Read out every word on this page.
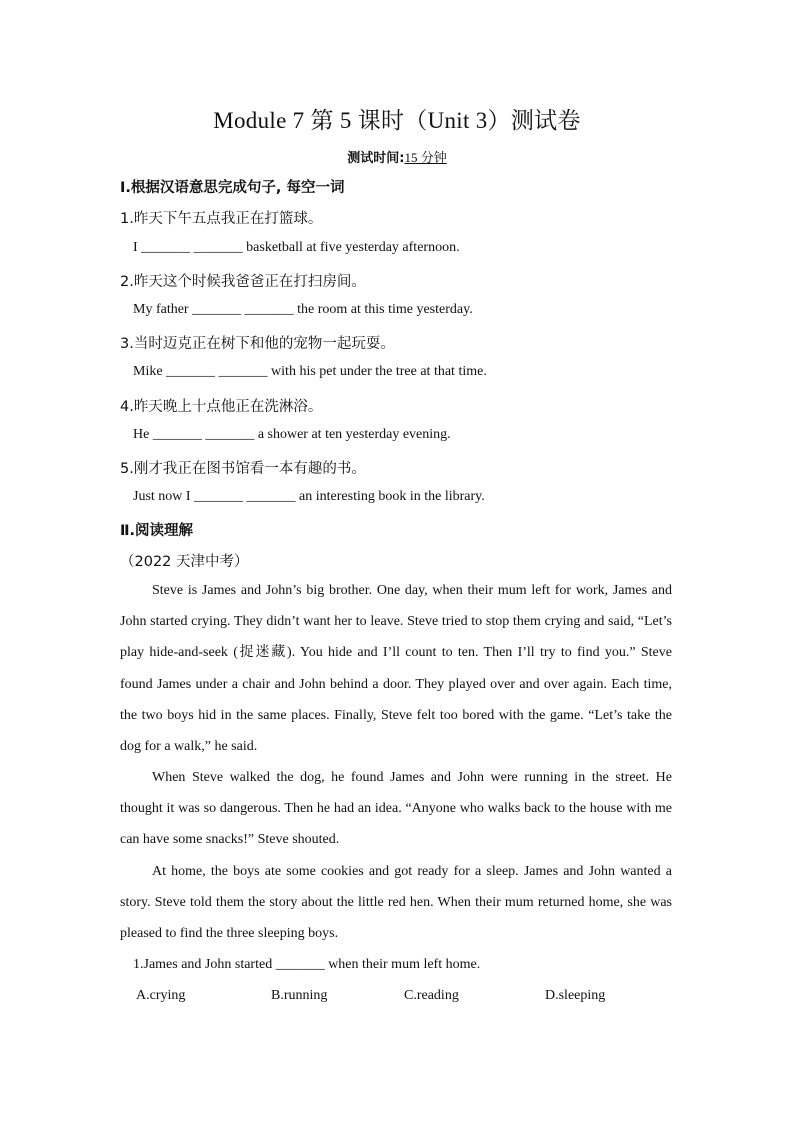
Module 7 第 5 课时（Unit 3）测试卷
测试时间:15 分钟
Ⅰ.根据汉语意思完成句子, 每空一词
1.昨天下午五点我正在打篮球。
I _______ _______ basketball at five yesterday afternoon.
2.昨天这个时候我爸爸正在打扫房间。
My father _______ _______ the room at this time yesterday.
3.当时迈克正在树下和他的宠物一起玩耍。
Mike _______ _______ with his pet under the tree at that time.
4.昨天晚上十点他正在洗淋浴。
He _______ _______ a shower at ten yesterday evening.
5.刚才我正在图书馆看一本有趣的书。
Just now I _______ _______ an interesting book in the library.
Ⅱ.阅读理解
（2022 天津中考）

Steve is James and John’s big brother. One day, when their mum left for work, James and John started crying. They didn’t want her to leave. Steve tried to stop them crying and said, “Let’s play hide-and-seek (捉迷藏). You hide and I’ll count to ten. Then I’ll try to find you.” Steve found James under a chair and John behind a door. They played over and over again. Each time, the two boys hid in the same places. Finally, Steve felt too bored with the game. “Let’s take the dog for a walk,” he said.

When Steve walked the dog, he found James and John were running in the street. He thought it was so dangerous. Then he had an idea. “Anyone who walks back to the house with me can have some snacks!” Steve shouted.

At home, the boys ate some cookies and got ready for a sleep. James and John wanted a story. Steve told them the story about the little red hen. When their mum returned home, she was pleased to find the three sleeping boys.

1.James and John started _______ when their mum left home.
A.crying	B.running	C.reading	D.sleeping
